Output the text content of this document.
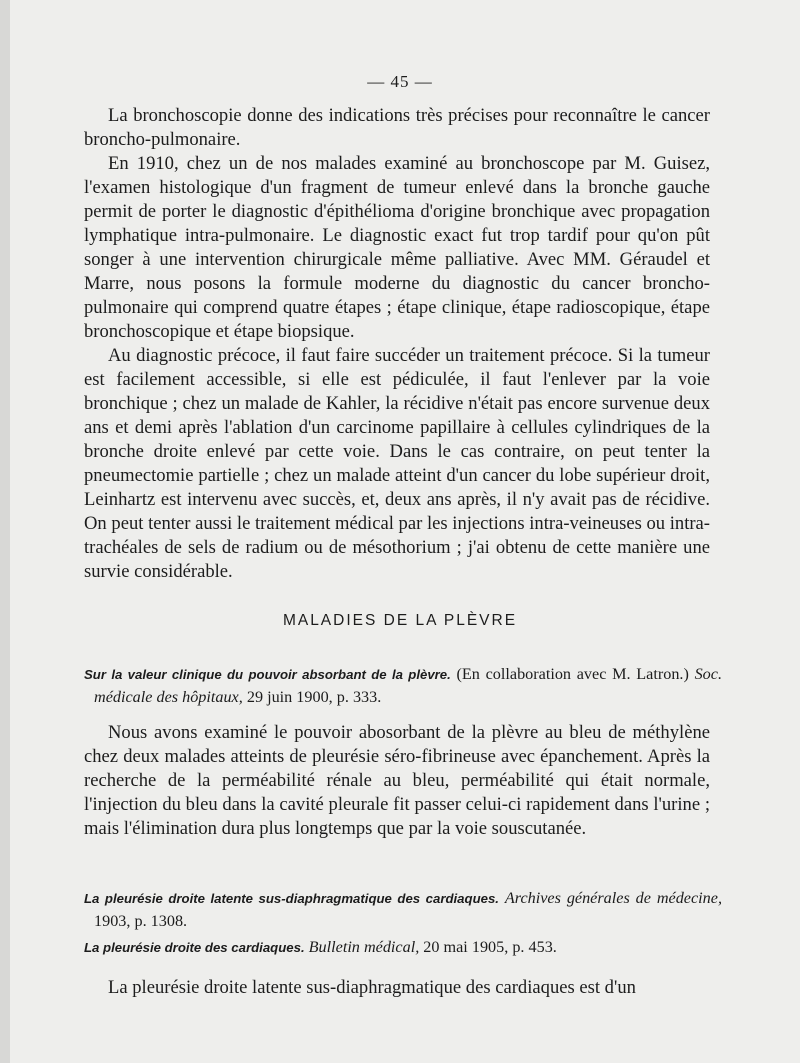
— 45 —

La bronchoscopie donne des indications très précises pour reconnaître le cancer broncho-pulmonaire.

En 1910, chez un de nos malades examiné au bronchoscope par M. Guisez, l'examen histologique d'un fragment de tumeur enlevé dans la bronche gauche permit de porter le diagnostic d'épithélioma d'origine bronchique avec propagation lymphatique intra-pulmonaire. Le diagnostic exact fut trop tardif pour qu'on pût songer à une intervention chirurgicale même palliative. Avec MM. Géraudel et Marre, nous posons la formule moderne du diagnostic du cancer broncho-pulmonaire qui comprend quatre étapes ; étape clinique, étape radioscopique, étape bronchoscopique et étape biopsique.

Au diagnostic précoce, il faut faire succéder un traitement précoce. Si la tumeur est facilement accessible, si elle est pédiculée, il faut l'enlever par la voie bronchique ; chez un malade de Kahler, la récidive n'était pas encore survenue deux ans et demi après l'ablation d'un carcinome papillaire à cellules cylindriques de la bronche droite enlevé par cette voie. Dans le cas contraire, on peut tenter la pneumectomie partielle ; chez un malade atteint d'un cancer du lobe supérieur droit, Leinhartz est intervenu avec succès, et, deux ans après, il n'y avait pas de récidive. On peut tenter aussi le traitement médical par les injections intra-veineuses ou intra-trachéales de sels de radium ou de mésothorium ; j'ai obtenu de cette manière une survie considérable.

MALADIES DE LA PLÈVRE
Sur la valeur clinique du pouvoir absorbant de la plèvre. (En collaboration avec M. Latron.) Soc. médicale des hôpitaux, 29 juin 1900, p. 333.

Nous avons examiné le pouvoir abosorbant de la plèvre au bleu de méthylène chez deux malades atteints de pleurésie séro-fibrineuse avec épanchement. Après la recherche de la perméabilité rénale au bleu, perméabilité qui était normale, l'injection du bleu dans la cavité pleurale fit passer celui-ci rapidement dans l'urine ; mais l'élimination dura plus longtemps que par la voie souscutanée.

La pleurésie droite latente sus-diaphragmatique des cardiaques. Archives générales de médecine, 1903, p. 1308.
La pleurésie droite des cardiaques. Bulletin médical, 20 mai 1905, p. 453.

La pleurésie droite latente sus-diaphragmatique des cardiaques est d'un
